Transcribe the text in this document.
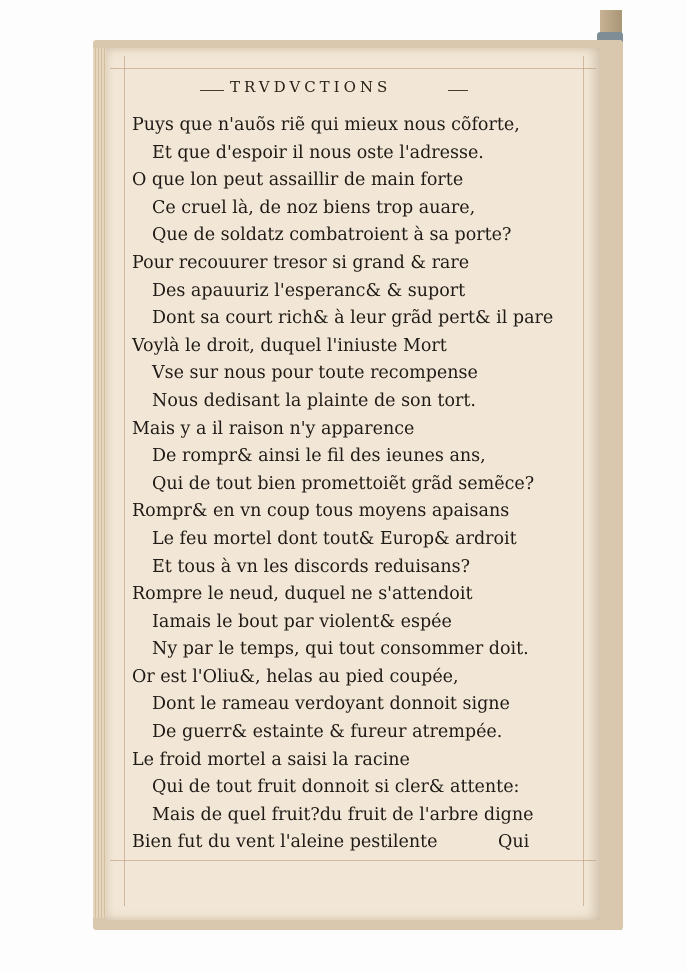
TRVDVCTIONS
Puys que n'auõs riẽ qui mieux nous cõforte,
Et que d'espoir il nous oste l'adresse.
O que lon peut assaillir de main forte
Ce cruel là, de noz biens trop auare,
Que de soldatz combatroient à sa porte?
Pour recouurer tresor si grand & rare
Des apauuriz l'esperanc& & suport
Dont sa court rich& à leur grãd pert& il pare
Voylà le droit, duquel l'iniuste Mort
Vse sur nous pour toute recompense
Nous dedisant la plainte de son tort.
Mais y a il raison n'y apparence
De rompr& ainsi le fil des ieunes ans,
Qui de tout bien promettoiẽt grãd semẽce?
Rompr& en vn coup tous moyens apaisans
Le feu mortel dont tout& Europ& ardroit
Et tous à vn les discords reduisans?
Rompre le neud, duquel ne s'attendoit
Iamais le bout par violent& espée
Ny par le temps, qui tout consommer doit.
Or est l'Oliu&, helas au pied coupée,
Dont le rameau verdoyant donnoit signe
De guerr& estainte & fureur atrempée.
Le froid mortel a saisi la racine
Qui de tout fruit donnoit si cler& attente:
Mais de quel fruit?du fruit de l'arbre digne
Bien fut du vent l'aleine pestilente	Qui
